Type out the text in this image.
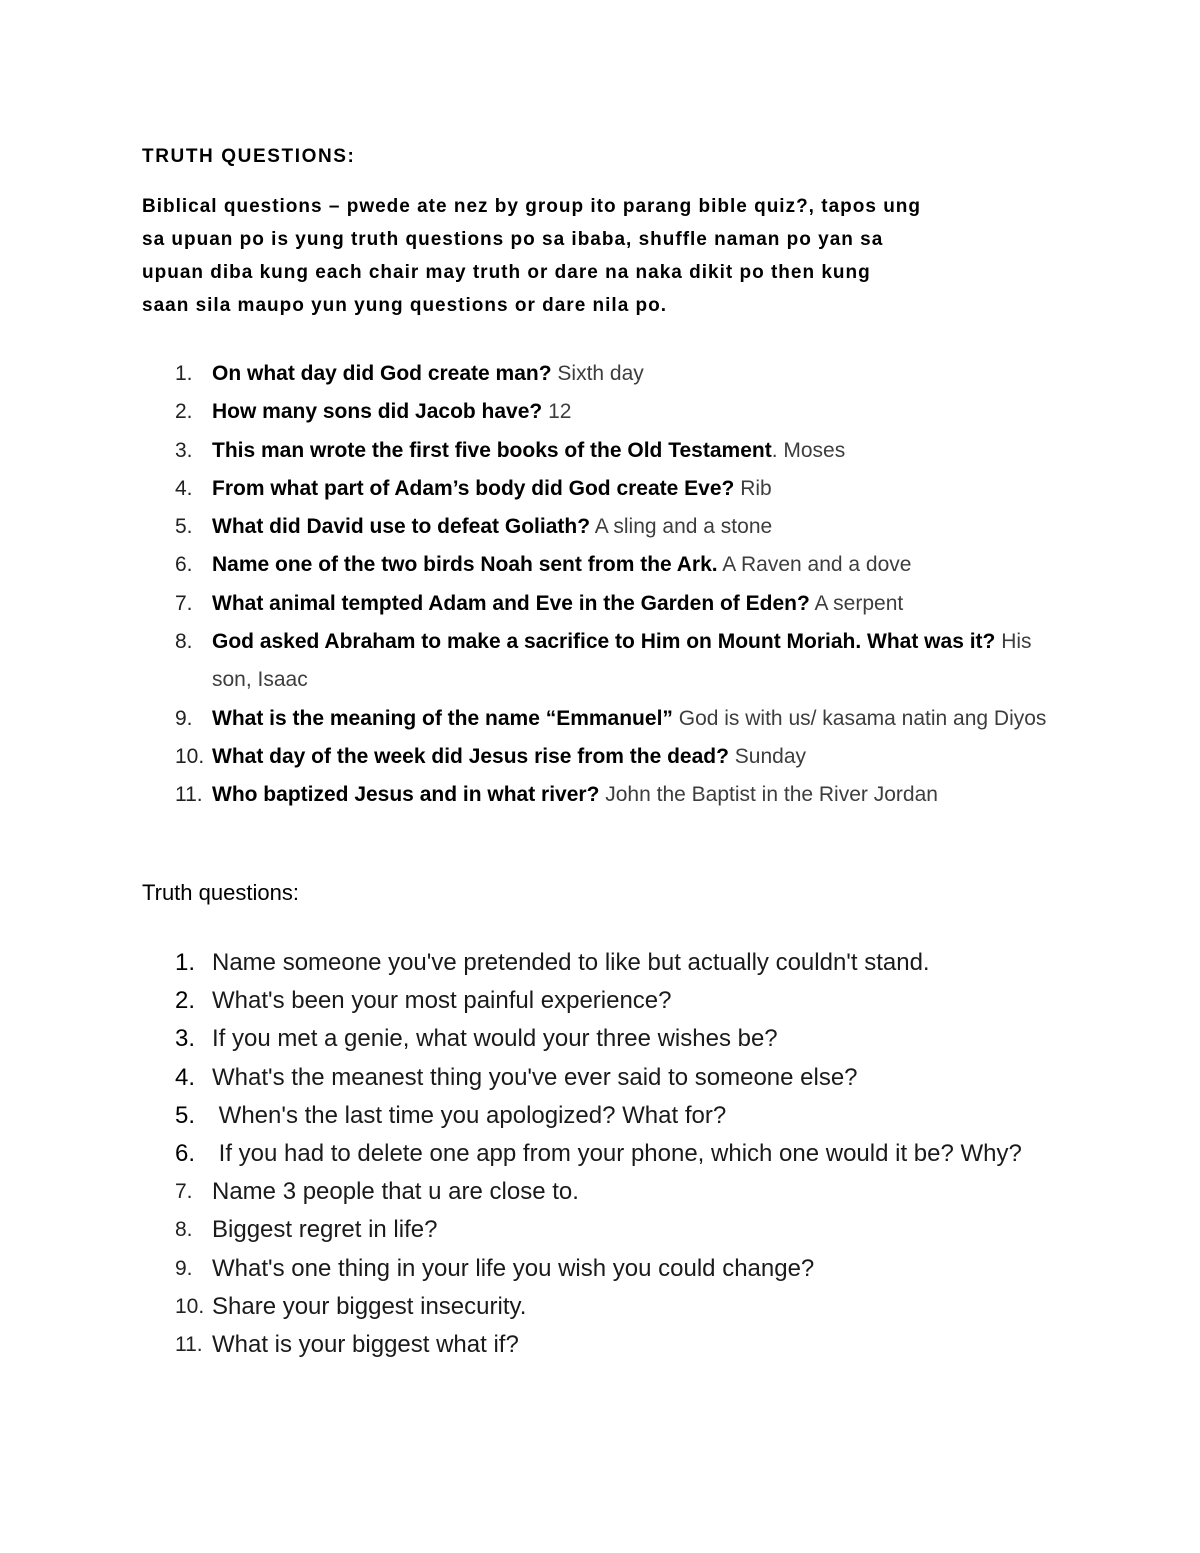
TRUTH QUESTIONS:

Biblical questions – pwede ate nez by group ito parang bible quiz?, tapos ung

sa upuan po is yung truth questions po sa ibaba, shuffle naman po yan sa

upuan diba kung each chair may truth or dare na naka dikit po then kung

saan sila maupo yun yung questions or dare nila po.

1. On what day did God create man? Sixth day
2. How many sons did Jacob have? 12
3. This man wrote the first five books of the Old Testament. Moses
4. From what part of Adam’s body did God create Eve? Rib
5. What did David use to defeat Goliath? A sling and a stone
6. Name one of the two birds Noah sent from the Ark. A Raven and a dove
7. What animal tempted Adam and Eve in the Garden of Eden? A serpent
8. God asked Abraham to make a sacrifice to Him on Mount Moriah. What was it? His son, Isaac
9. What is the meaning of the name “Emmanuel” God is with us/ kasama natin ang Diyos
10. What day of the week did Jesus rise from the dead? Sunday
11. Who baptized Jesus and in what river? John the Baptist in the River Jordan
Truth questions:
1. Name someone you've pretended to like but actually couldn't stand.
2. What's been your most painful experience?
3. If you met a genie, what would your three wishes be?
4. What's the meanest thing you've ever said to someone else?
5. When's the last time you apologized? What for?
6. If you had to delete one app from your phone, which one would it be? Why?
7. Name 3 people that u are close to.
8. Biggest regret in life?
9. What's one thing in your life you wish you could change?
10. Share your biggest insecurity.
11. What is your biggest what if?
